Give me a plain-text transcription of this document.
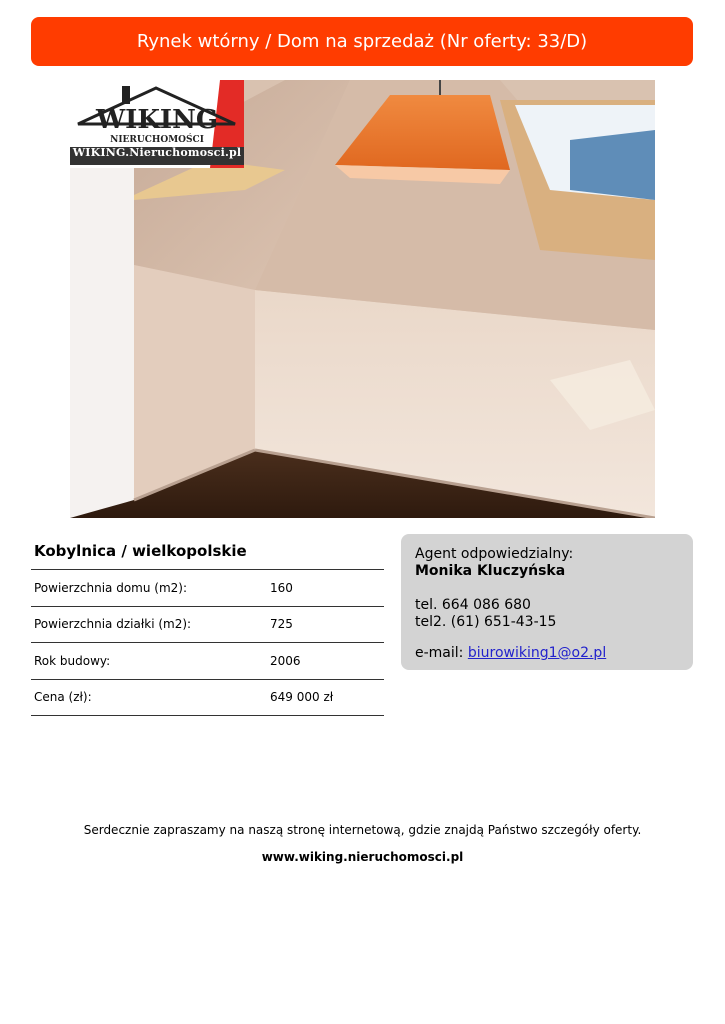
Rynek wtórny / Dom na sprzedaż (Nr oferty: 33/D)
WIKING
NIERUCHOMOŚCI
WIKING.Nieruchomosci.pl
Kobylnica / wielkopolskie
Powierzchnia domu (m2):	160
Powierzchnia działki (m2):	725
Rok budowy:	2006
Cena (zł):	649 000 zł
Agent odpowiedzialny:
Monika Kluczyńska
tel. 664 086 680
tel2. (61) 651-43-15
e-mail: biurowiking1@o2.pl
Serdecznie zapraszamy na naszą stronę internetową, gdzie znajdą Państwo szczegóły oferty.
www.wiking.nieruchomosci.pl
